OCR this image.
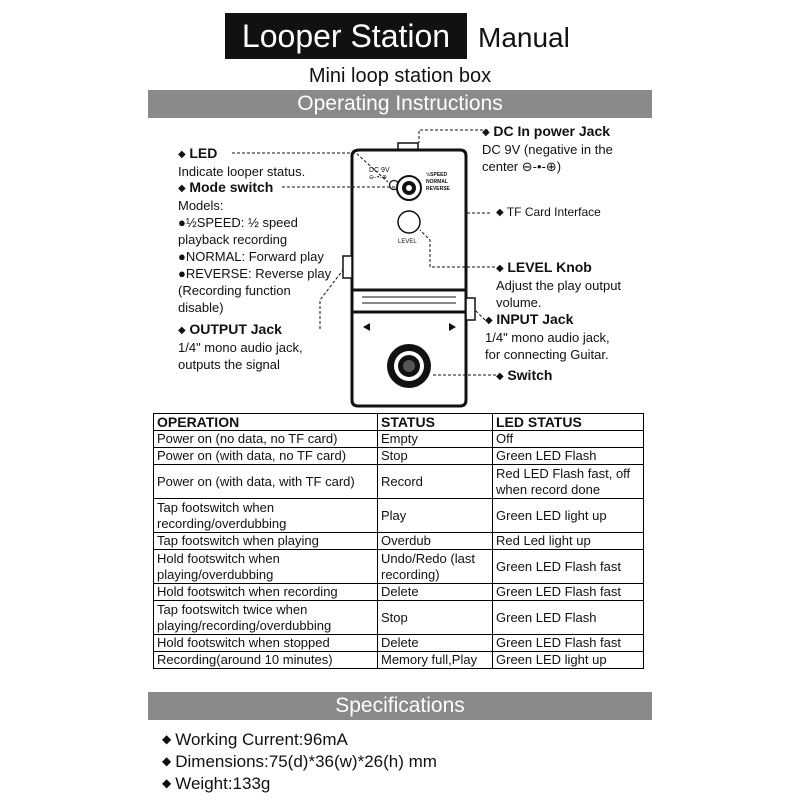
Looper Station Manual
Mini loop station box
Operating Instructions
DC 9V
⊖-•-⊕	½SPEED
NORMAL
REVERSE
LEVEL
◆ LED
Indicate looper status.
◆ Mode switch
Models:
●½SPEED: ½ speed
playback recording
●NORMAL: Forward play
●REVERSE: Reverse play
(Recording function
disable)
◆ OUTPUT Jack
1/4" mono audio jack,
outputs the signal
◆ DC In power Jack
DC 9V (negative in the
center ⊖-•-⊕)
◆ TF Card Interface
◆ LEVEL Knob
Adjust the play output
volume.
◆ INPUT Jack
1/4" mono audio jack,
for connecting Guitar.
◆ Switch
OPERATION	STATUS	LED STATUS
Power on (no data, no TF card)	Empty	Off
Power on (with data, no TF card)	Stop	Green LED Flash
Power on (with data, with TF card)	Record	Red LED Flash fast, off when record done
Tap footswitch when recording/overdubbing	Play	Green LED light up
Tap footswitch when playing	Overdub	Red Led light up
Hold footswitch when playing/overdubbing	Undo/Redo (last recording)	Green LED Flash fast
Hold footswitch when recording	Delete	Green LED Flash fast
Tap footswitch twice when playing/recording/overdubbing	Stop	Green LED Flash
Hold footswitch when stopped	Delete	Green LED Flash fast
Recording(around 10 minutes)	Memory full,Play	Green LED light up
Specifications
◆ Working Current:96mA
◆ Dimensions:75(d)*36(w)*26(h) mm
◆ Weight:133g
